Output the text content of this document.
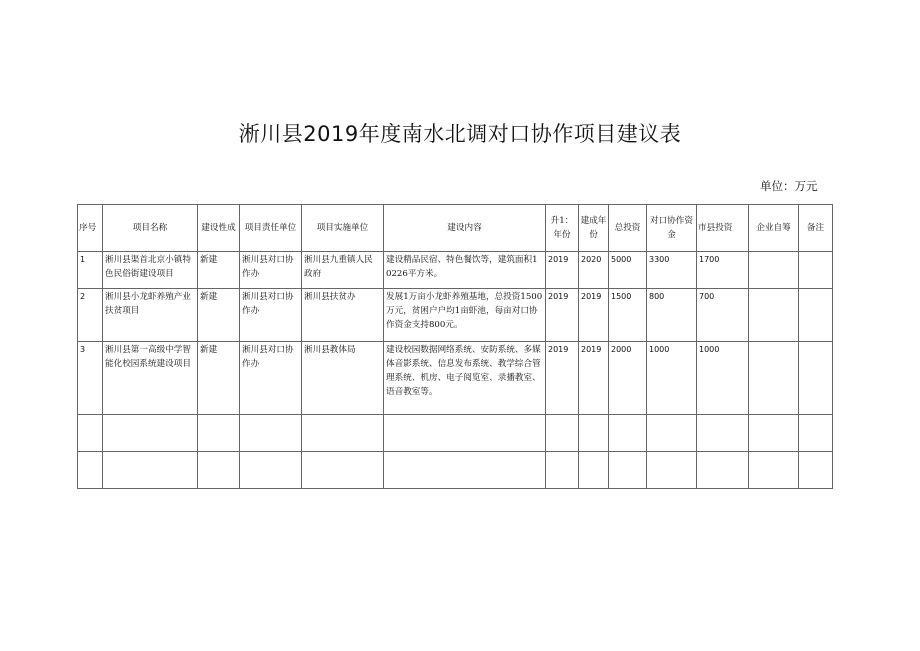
淅川县2019年度南水北调对口协作项目建议表
单位：万元
序号	项目名称	建设性成	项目责任单位	项目实施单位	建设内容	升1：年份	建成年份	总投资	对口协作资金	市县投资	企业自筹	备注
1	淅川县渠首北京小镇特色民俗街建设项目	新建	淅川县对口协作办	淅川县九重镇人民政府	建设精品民宿、特色餐饮等，建筑面积10226平方米。	2019	2020	5000	3300	1700		
2	淅川县小龙虾养殖产业扶贫项目	新建	淅川县对口协作办	淅川县扶贫办	发展1万亩小龙虾养殖基地，总投资1500万元，贫困户户均1亩虾池，每亩对口协作资金支持800元。	2019	2019	1500	800	700		
3	淅川县第一高级中学智能化校园系统建设项目	新建	淅川县对口协作办	淅川县教体局	建设校园数据网络系统、安防系统、多媒体音影系统、信息发布系统、教学综合管理系统、机房、电子阅览室、录播教室、语音教室等。	2019	2019	2000	1000	1000		
